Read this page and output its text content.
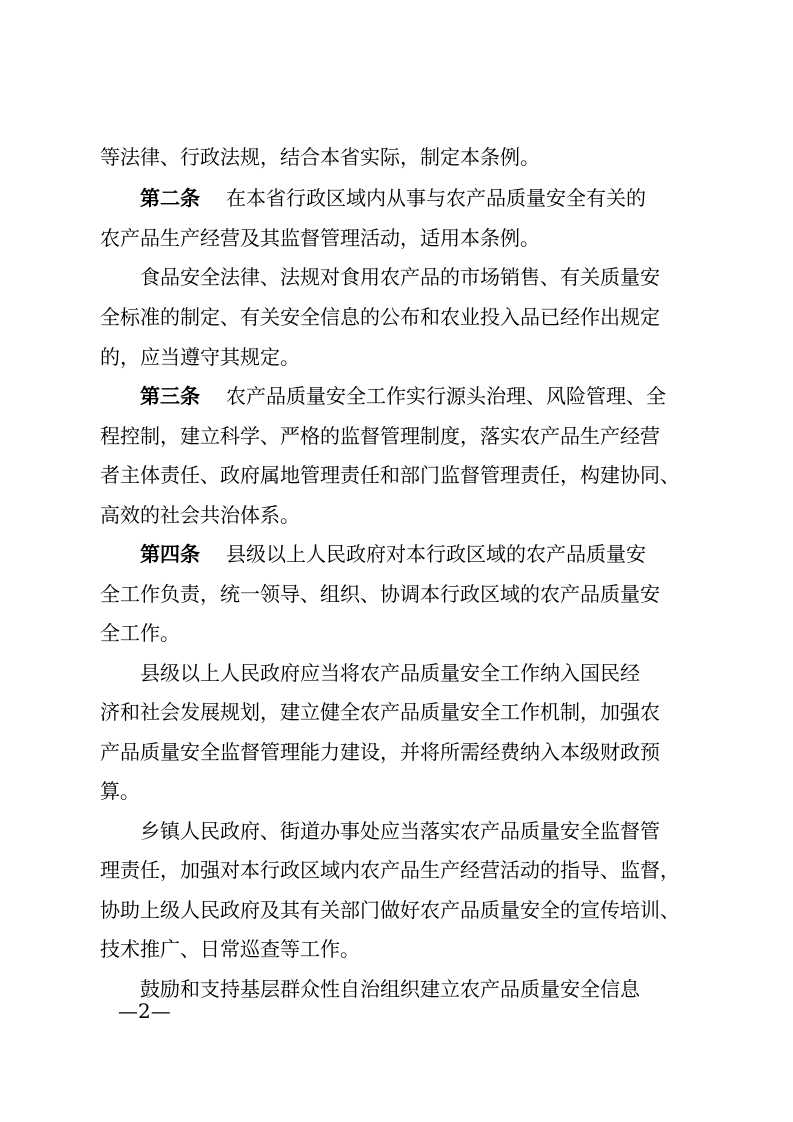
等法律、行政法规，结合本省实际，制定本条例。
第二条 在本省行政区域内从事与农产品质量安全有关的
农产品生产经营及其监督管理活动，适用本条例。
食品安全法律、法规对食用农产品的市场销售、有关质量安
全标准的制定、有关安全信息的公布和农业投入品已经作出规定
的，应当遵守其规定。
第三条 农产品质量安全工作实行源头治理、风险管理、全
程控制，建立科学、严格的监督管理制度，落实农产品生产经营
者主体责任、政府属地管理责任和部门监督管理责任，构建协同、
高效的社会共治体系。
第四条 县级以上人民政府对本行政区域的农产品质量安
全工作负责，统一领导、组织、协调本行政区域的农产品质量安
全工作。
县级以上人民政府应当将农产品质量安全工作纳入国民经
济和社会发展规划，建立健全农产品质量安全工作机制，加强农
产品质量安全监督管理能力建设，并将所需经费纳入本级财政预
算。
乡镇人民政府、街道办事处应当落实农产品质量安全监督管
理责任，加强对本行政区域内农产品生产经营活动的指导、监督，
协助上级人民政府及其有关部门做好农产品质量安全的宣传培训、
技术推广、日常巡查等工作。
鼓励和支持基层群众性自治组织建立农产品质量安全信息
—2—
